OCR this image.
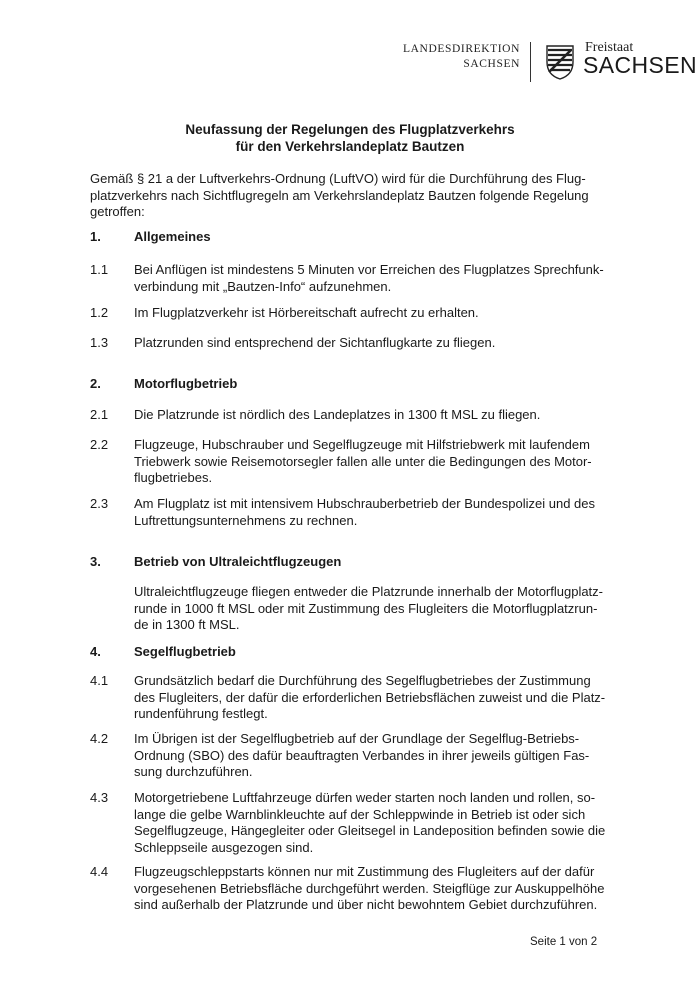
LANDESDIREKTION
SACHSEN
Freistaat
SACHSEN
Neufassung der Regelungen des Flugplatzverkehrs
für den Verkehrslandeplatz Bautzen
Gemäß § 21 a der Luftverkehrs-Ordnung (LuftVO) wird für die Durchführung des Flug-
platzverkehrs nach Sichtflugregeln am Verkehrslandeplatz Bautzen folgende Regelung
getroffen:
1.	Allgemeines
1.1 Bei Anflügen ist mindestens 5 Minuten vor Erreichen des Flugplatzes Sprechfunk-
verbindung mit „Bautzen-Info“ aufzunehmen.
1.2 Im Flugplatzverkehr ist Hörbereitschaft aufrecht zu erhalten.
1.3 Platzrunden sind entsprechend der Sichtanflugkarte zu fliegen.
2.	Motorflugbetrieb
2.1 Die Platzrunde ist nördlich des Landeplatzes in 1300 ft MSL zu fliegen.
2.2 Flugzeuge, Hubschrauber und Segelflugzeuge mit Hilfstriebwerk mit laufendem
Triebwerk sowie Reisemotorsegler fallen alle unter die Bedingungen des Motor-
flugbetriebes.
2.3 Am Flugplatz ist mit intensivem Hubschrauberbetrieb der Bundespolizei und des
Luftrettungsunternehmens zu rechnen.
3.	Betrieb von Ultraleichtflugzeugen
Ultraleichtflugzeuge fliegen entweder die Platzrunde innerhalb der Motorflugplatz-
runde in 1000 ft MSL oder mit Zustimmung des Flugleiters die Motorflugplatzrun-
de in 1300 ft MSL.
4.	Segelflugbetrieb
4.1 Grundsätzlich bedarf die Durchführung des Segelflugbetriebes der Zustimmung
des Flugleiters, der dafür die erforderlichen Betriebsflächen zuweist und die Platz-
rundenführung festlegt.
4.2 Im Übrigen ist der Segelflugbetrieb auf der Grundlage der Segelflug-Betriebs-
Ordnung (SBO) des dafür beauftragten Verbandes in ihrer jeweils gültigen Fas-
sung durchzuführen.
4.3 Motorgetriebene Luftfahrzeuge dürfen weder starten noch landen und rollen, so-
lange die gelbe Warnblinkleuchte auf der Schleppwinde in Betrieb ist oder sich
Segelflugzeuge, Hängegleiter oder Gleitsegel in Landeposition befinden sowie die
Schleppseile ausgezogen sind.
4.4 Flugzeugschleppstarts können nur mit Zustimmung des Flugleiters auf der dafür
vorgesehenen Betriebsfläche durchgeführt werden. Steigflüge zur Auskuppelhöhe
sind außerhalb der Platzrunde und über nicht bewohntem Gebiet durchzuführen.
Seite 1 von 2
